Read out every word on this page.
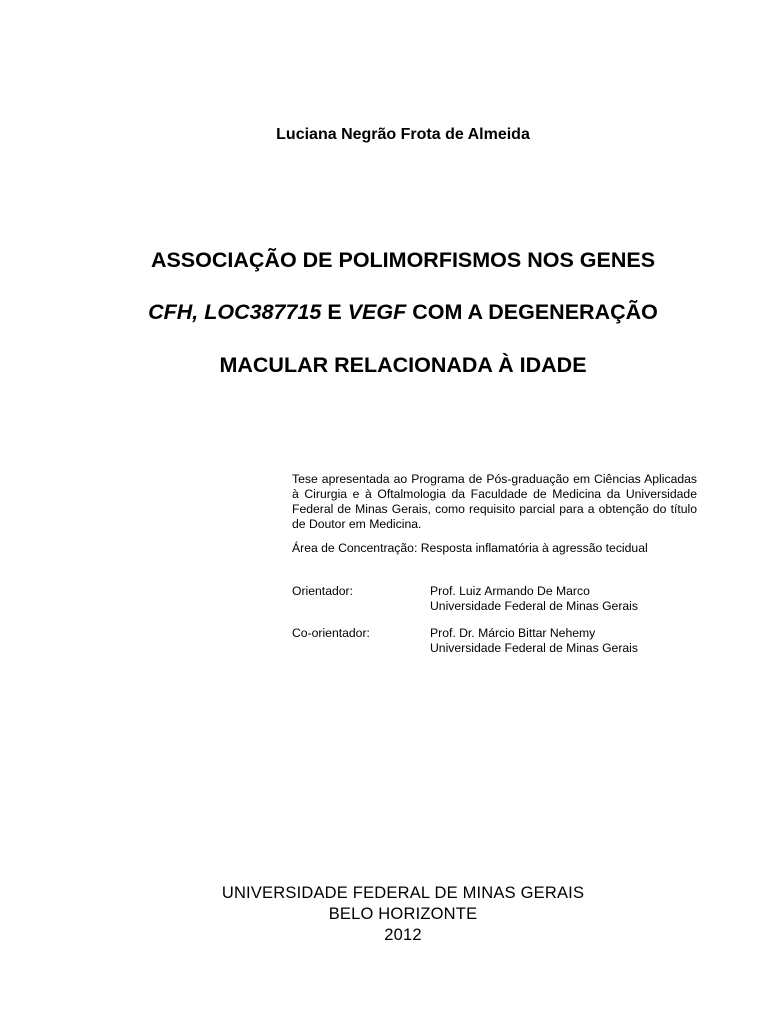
Luciana Negrão Frota de Almeida
ASSOCIAÇÃO DE POLIMORFISMOS NOS GENES
CFH, LOC387715 E VEGF COM A DEGENERAÇÃO
MACULAR RELACIONADA À IDADE
Tese apresentada ao Programa de Pós-graduação em Ciências Aplicadas à Cirurgia e à Oftalmologia da Faculdade de Medicina da Universidade Federal de Minas Gerais, como requisito parcial para a obtenção do título de Doutor em Medicina.
Área de Concentração: Resposta inflamatória à agressão tecidual
Orientador:	Prof. Luiz Armando De Marco
Universidade Federal de Minas Gerais
Co-orientador:	Prof. Dr. Márcio Bittar Nehemy
Universidade Federal de Minas Gerais
UNIVERSIDADE FEDERAL DE MINAS GERAIS
BELO HORIZONTE
2012
